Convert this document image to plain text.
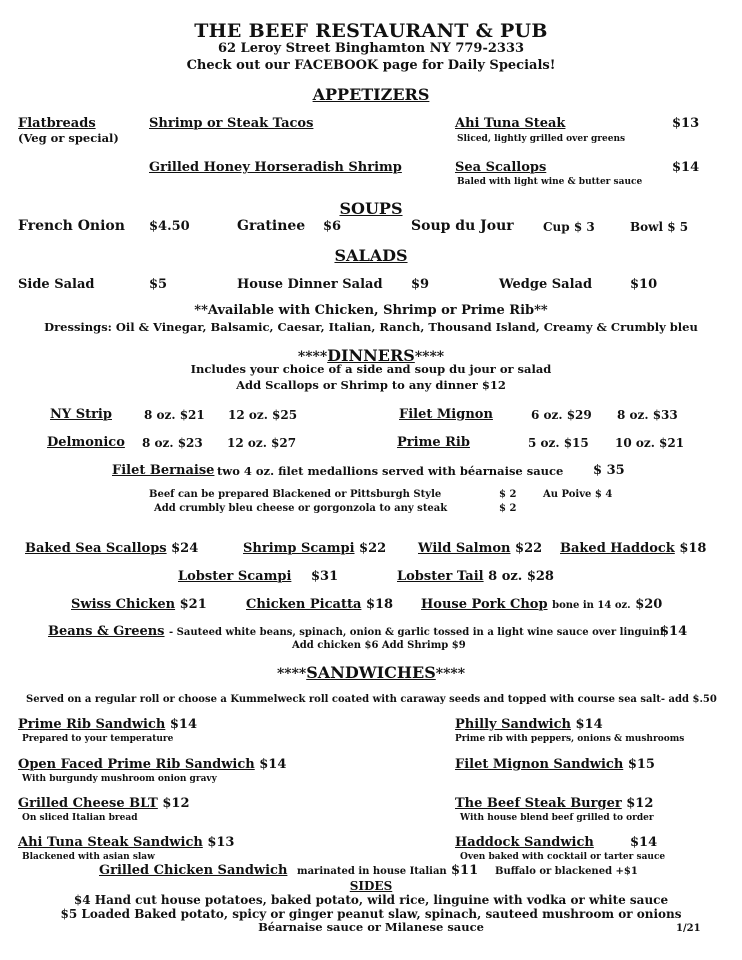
THE BEEF RESTAURANT & PUB
62 Leroy Street Binghamton NY 779-2333
Check out our FACEBOOK page for Daily Specials!
APPETIZERS
Flatbreads
(Veg or special)
Shrimp or Steak Tacos	Ahi Tuna Steak
Sliced, lightly grilled over greens
$13
Grilled Honey Horseradish Shrimp	Sea Scallops
Baled with light wine & butter sauce
$14
SOUPS
French Onion $4.50	Gratinee $6	Soup du Jour Cup $ 3	Bowl $ 5
SALADS
Side Salad	$5	House Dinner Salad $9	Wedge Salad	$10
**Available with Chicken, Shrimp or Prime Rib**
Dressings: Oil & Vinegar, Balsamic, Caesar, Italian, Ranch, Thousand Island, Creamy & Crumbly bleu
****DINNERS****
Includes your choice of a side and soup du jour or salad
Add Scallops or Shrimp to any dinner $12
NY Strip	8 oz. $21 12 oz. $25	Filet Mignon	6 oz. $29 8 oz. $33
Delmonico 8 oz. $23 12 oz. $27	Prime Rib	5 oz. $15 10 oz. $21
Filet Bernaise two 4 oz. filet medallions served with béarnaise sauce $ 35
Beef can be prepared Blackened or Pittsburgh Style	$ 2	Au Poive $ 4
Add crumbly bleu cheese or gorgonzola to any steak	$ 2
Baked Sea Scallops $24	Shrimp Scampi $22 Wild Salmon $22 Baked Haddock $18
Lobster Scampi $31	Lobster Tail 8 oz. $28
Swiss Chicken $21	Chicken Picatta $18 House Pork Chop bone in 14 oz. $20
Beans & Greens - Sauteed white beans, spinach, onion & garlic tossed in a light wine sauce over linguini
$14
Add chicken $6 Add Shrimp $9
****SANDWICHES****
Served on a regular roll or choose a Kummelweck roll coated with caraway seeds and topped with course sea salt- add $.50
Prime Rib Sandwich $14
Prepared to your temperature
Philly Sandwich $14
Prime rib with peppers, onions & mushrooms
Open Faced Prime Rib Sandwich $14
With burgundy mushroom onion gravy
Filet Mignon Sandwich $15
Grilled Cheese BLT $12
On sliced Italian bread
The Beef Steak Burger $12
With house blend beef grilled to order
Ahi Tuna Steak Sandwich $13
Blackened with asian slaw
Haddock Sandwich	$14
Oven baked with cocktail or tarter sauce
Grilled Chicken Sandwich marinated in house Italian $11 Buffalo or blackened +$1
SIDES
$4 Hand cut house potatoes, baked potato, wild rice, linguine with vodka or white sauce
$5 Loaded Baked potato, spicy or ginger peanut slaw, spinach, sauteed mushroom or onions
Béarnaise sauce or Milanese sauce	1/21
